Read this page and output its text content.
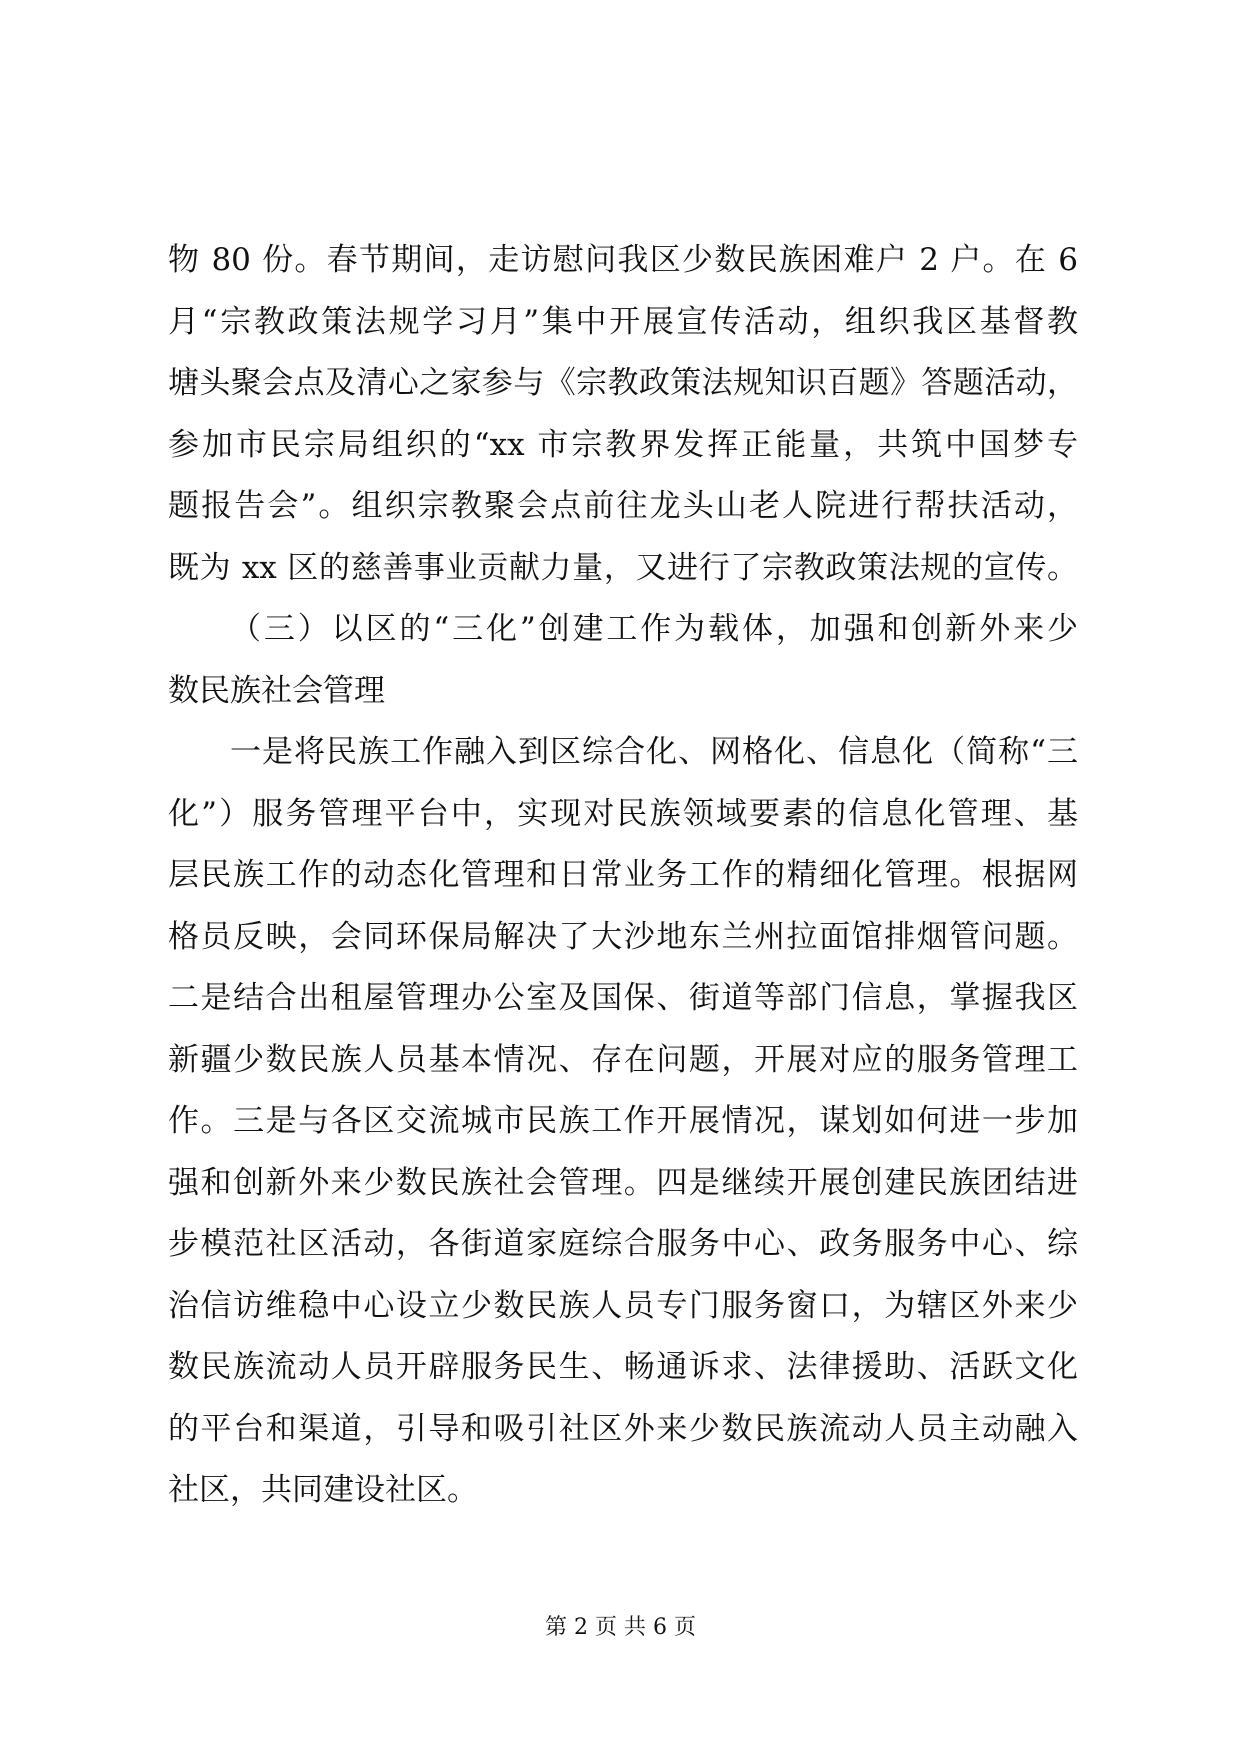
物 80 份。春节期间，走访慰问我区少数民族困难户 2 户。在 6
月“宗教政策法规学习月”集中开展宣传活动，组织我区基督教
塘头聚会点及清心之家参与《宗教政策法规知识百题》答题活动，
参加市民宗局组织的“xx 市宗教界发挥正能量，共筑中国梦专
题报告会”。组织宗教聚会点前往龙头山老人院进行帮扶活动，
既为 xx 区的慈善事业贡献力量，又进行了宗教政策法规的宣传。
（三）以区的“三化”创建工作为载体，加强和创新外来少
数民族社会管理
一是将民族工作融入到区综合化、网格化、信息化（简称“三
化”）服务管理平台中，实现对民族领域要素的信息化管理、基
层民族工作的动态化管理和日常业务工作的精细化管理。根据网
格员反映，会同环保局解决了大沙地东兰州拉面馆排烟管问题。
二是结合出租屋管理办公室及国保、街道等部门信息，掌握我区
新疆少数民族人员基本情况、存在问题，开展对应的服务管理工
作。三是与各区交流城市民族工作开展情况，谋划如何进一步加
强和创新外来少数民族社会管理。四是继续开展创建民族团结进
步模范社区活动，各街道家庭综合服务中心、政务服务中心、综
治信访维稳中心设立少数民族人员专门服务窗口，为辖区外来少
数民族流动人员开辟服务民生、畅通诉求、法律援助、活跃文化
的平台和渠道，引导和吸引社区外来少数民族流动人员主动融入
社区，共同建设社区。
第 2 页 共 6 页
